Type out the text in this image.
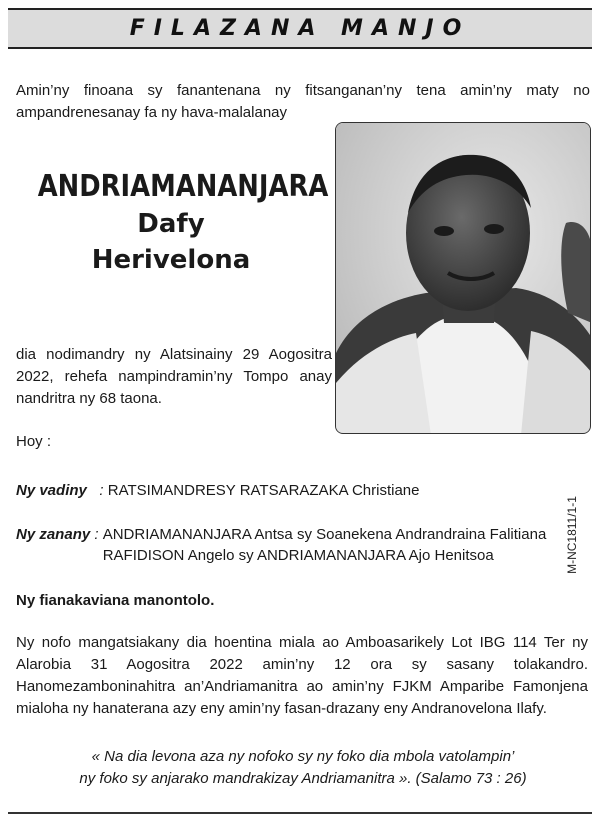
FILAZANA MANJO
Amin’ny finoana sy fanantenana ny fitsanganan’ny tena amin’ny maty no ampandrenesanay fa ny hava-malalanay
ANDRIAMANANJARA
Dafy
Herivelona
dia nodimandry ny Alatsinainy 29 Aogositra 2022, rehefa nampindramin’ny Tompo anay nandritra ny 68 taona.
Hoy :
Ny vadiny : RATSIMANDRESY RATSARAZAKA Christiane
Ny zanany : ANDRIAMANANJARA Antsa sy Soanekena Andrandraina Falitiana
RAFIDISON Angelo sy ANDRIAMANANJARA Ajo Henitsoa	M-NC1811/1-1
Ny fianakaviana manontolo.
Ny nofo mangatsiakany dia hoentina miala ao Amboasarikely Lot IBG 114 Ter ny Alarobia 31 Aogositra 2022 amin’ny 12 ora sy sasany tolakandro. Hanomezamboninahitra an’Andriamanitra ao amin’ny FJKM Amparibe Famonjena mialoha ny hanaterana azy eny amin’ny fasan-drazany eny Andranovelona Ilafy.
« Na dia levona aza ny nofoko sy ny foko dia mbola vatolampin’
ny foko sy anjarako mandrakizay Andriamanitra ». (Salamo 73 : 26)
